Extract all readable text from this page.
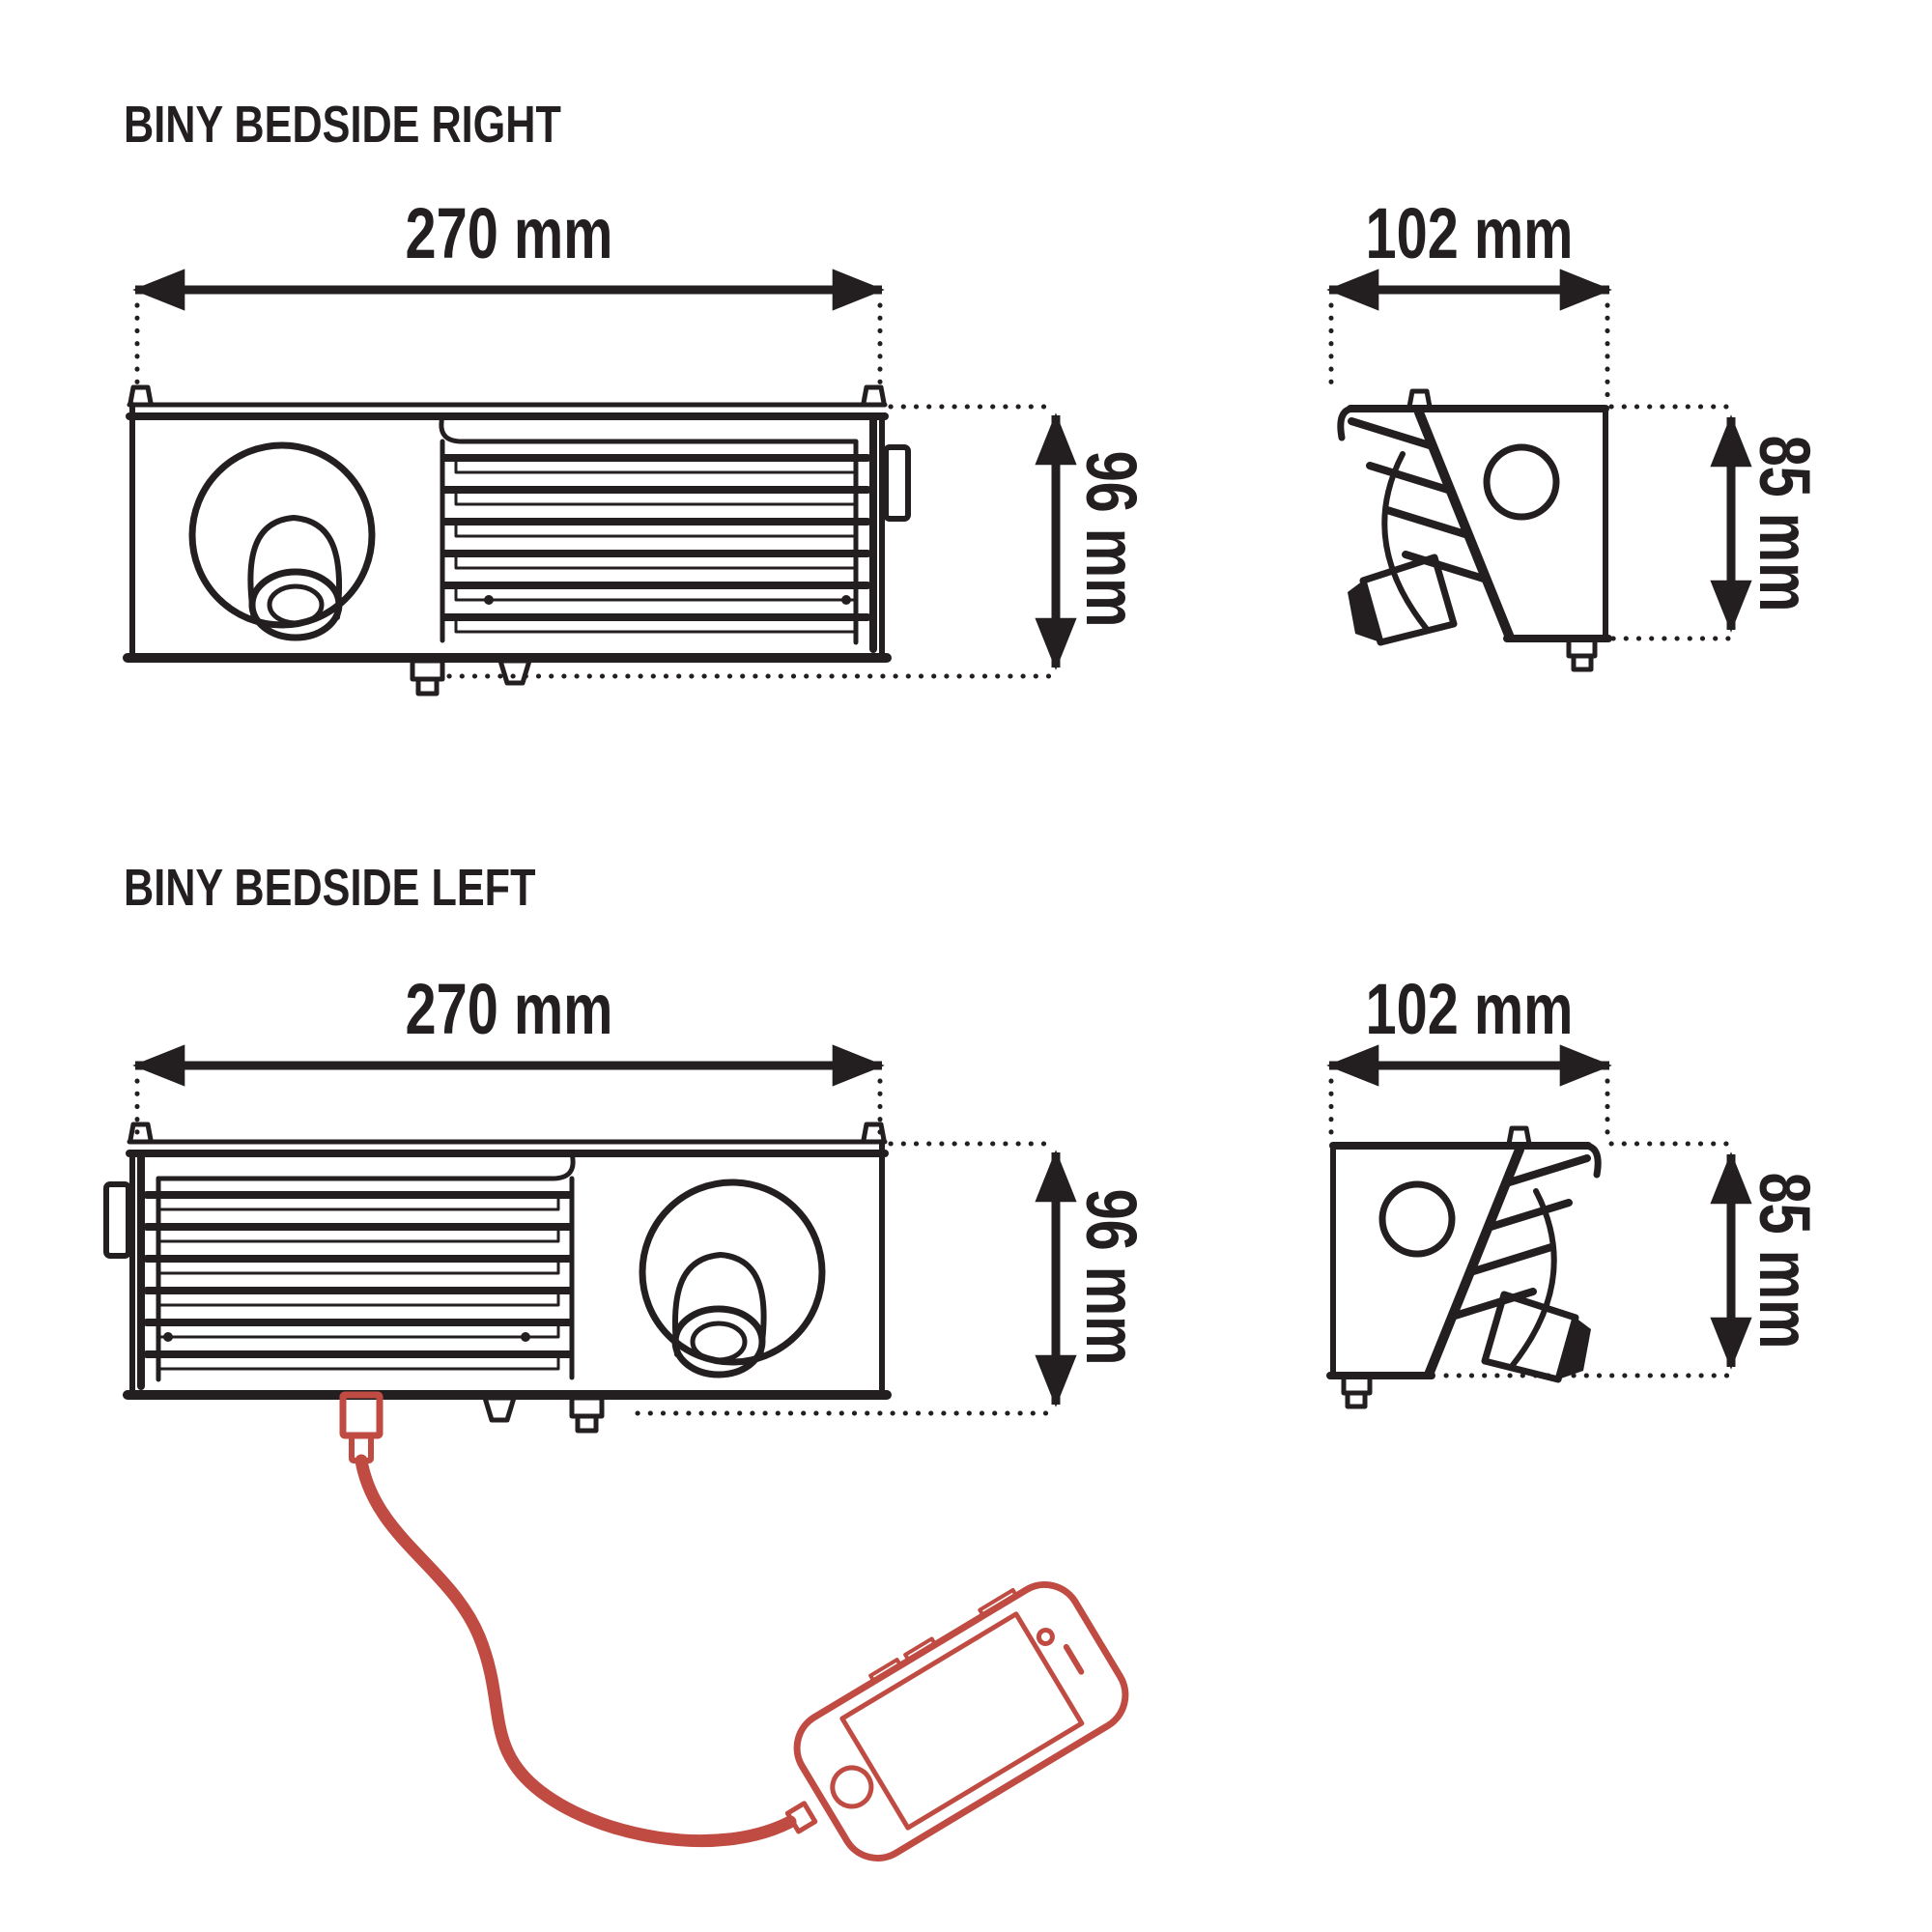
BINY BEDSIDE RIGHT
BINY BEDSIDE LEFT
270 mm
96 mm
102 mm
85 mm
270 mm
96 mm
102 mm
85 mm
